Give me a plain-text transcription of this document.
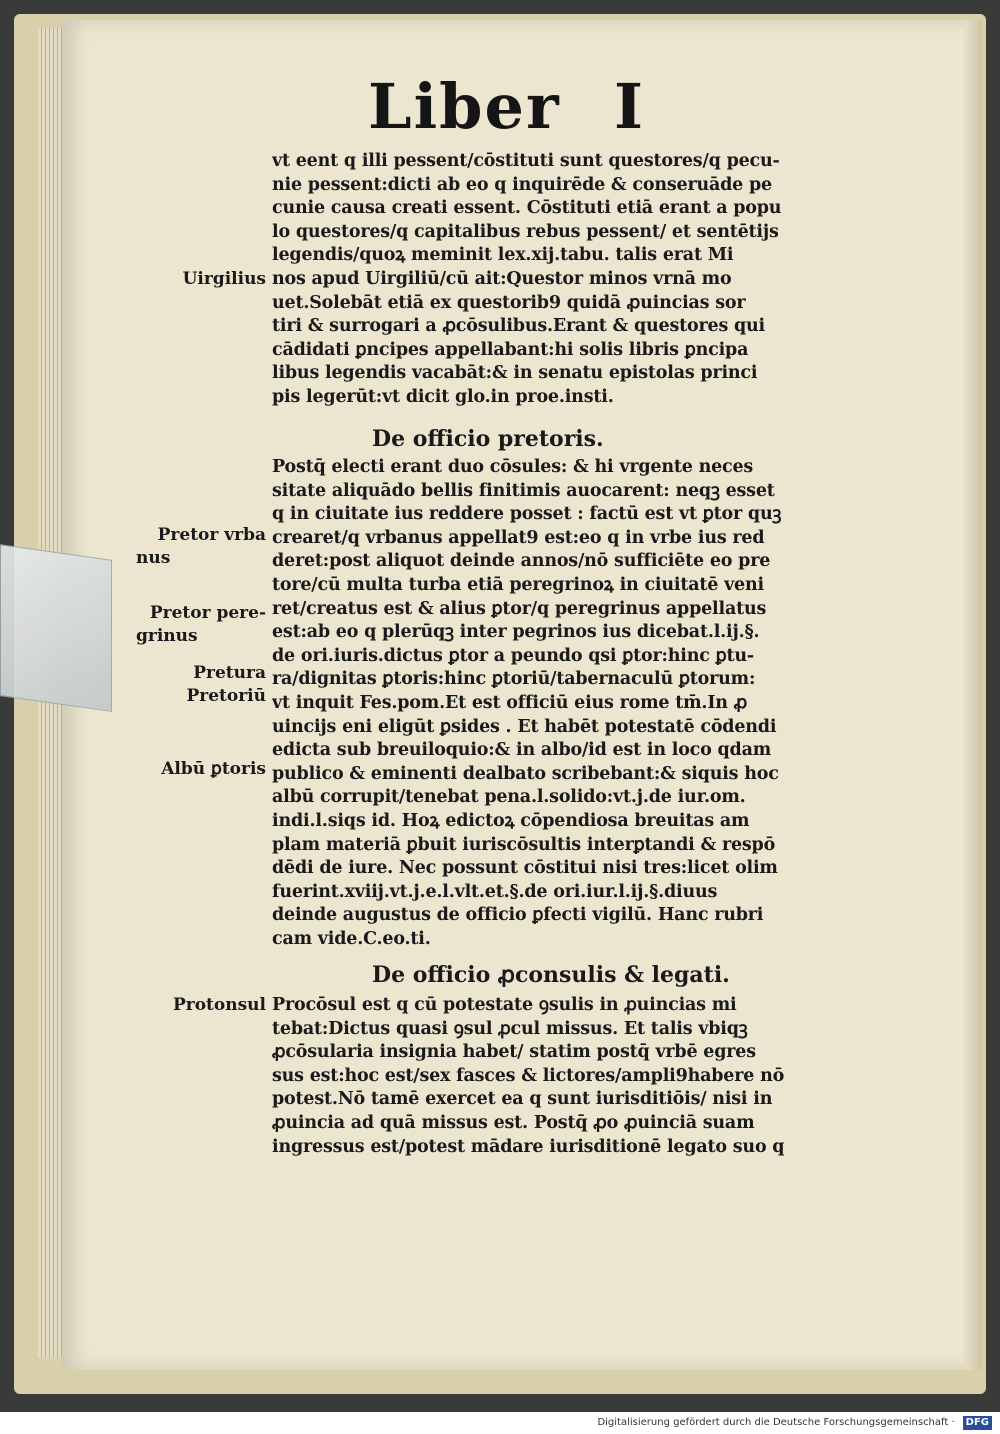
Liber I
vt eent q illi pessent/cōstituti sunt questores/q pecu-
nie pessent:dicti ab eo q inquirēde & conseruāde pe
cunie causa creati essent. Cōstituti etiā erant a popu
lo questores/q capitalibus rebus pessent/ et sentētijs
legendis/quoꝝ meminit lex.xij.tabu. talis erat Mi
nos apud Uirgiliū/cū ait:Questor minos vrnā mo
uet.Solebāt etiā ex questorib9 quidā ꝓuincias sor
tiri & surrogari a ꝓcōsulibus.Erant & questores qui
cādidati ꝑncipes appellabant:hi solis libris ꝑncipa
libus legendis vacabāt:& in senatu epistolas princi
pis legerūt:vt dicit glo.in proe.insti.
De officio pretoris.
Postq̄ electi erant duo cōsules: & hi vrgente neces
sitate aliquādo bellis finitimis auocarent: neqꝫ esset
q in ciuitate ius reddere posset : factū est vt ꝑtor quꝫ
crearet/q vrbanus appellat9 est:eo q in vrbe ius red
deret:post aliquot deinde annos/nō sufficiēte eo pre
tore/cū multa turba etiā peregrinoꝝ in ciuitatē veni
ret/creatus est & alius ꝑtor/q peregrinus appellatus
est:ab eo q plerūqꝫ inter pegrinos ius dicebat.l.ij.§.
de ori.iuris.dictus ꝑtor a peundo qsi ꝑtor:hinc ꝑtu-
ra/dignitas ꝑtoris:hinc ꝑtoriū/tabernaculū ꝑtorum:
vt inquit Fes.pom.Et est officiū eius rome tm̄.In ꝓ
uincijs eni eligūt ꝑsides . Et habēt potestatē cōdendi
edicta sub breuiloquio:& in albo/id est in loco qdam
publico & eminenti dealbato scribebant:& siquis hoc
albū corrupit/tenebat pena.l.solido:vt.j.de iur.om.
indi.l.siqs id. Hoꝝ edictoꝝ cōpendiosa breuitas am
plam materiā ꝑbuit iuriscōsultis interꝑtandi & respō
dēdi de iure. Nec possunt cōstitui nisi tres:licet olim
fuerint.xviij.vt.j.e.l.vlt.et.§.de ori.iur.l.ij.§.diuus
deinde augustus de officio ꝑfecti vigilū. Hanc rubri
cam vide.C.eo.ti.
De officio ꝓconsulis & legati.
Procōsul est q cū potestate ꝯsulis in ꝓuincias mi
tebat:Dictus quasi ꝯsul ꝓcul missus. Et talis vbiqꝫ
ꝓcōsularia insignia habet/ statim postq̄ vrbē egres
sus est:hoc est/sex fasces & lictores/ampli9habere nō
potest.Nō tamē exercet ea q sunt iurisditiōis/ nisi in
ꝓuincia ad quā missus est. Postq̄ ꝓo ꝓuinciā suam
ingressus est/potest mādare iurisditionē legato suo q
Uirgilius
Pretor vrba
nus
Pretor pere-
grinus
Pretura
Pretoriū
Albū ꝑtoris
Protonsul
Digitalisierung gefördert durch die Deutsche Forschungsgemeinschaft · DFG
